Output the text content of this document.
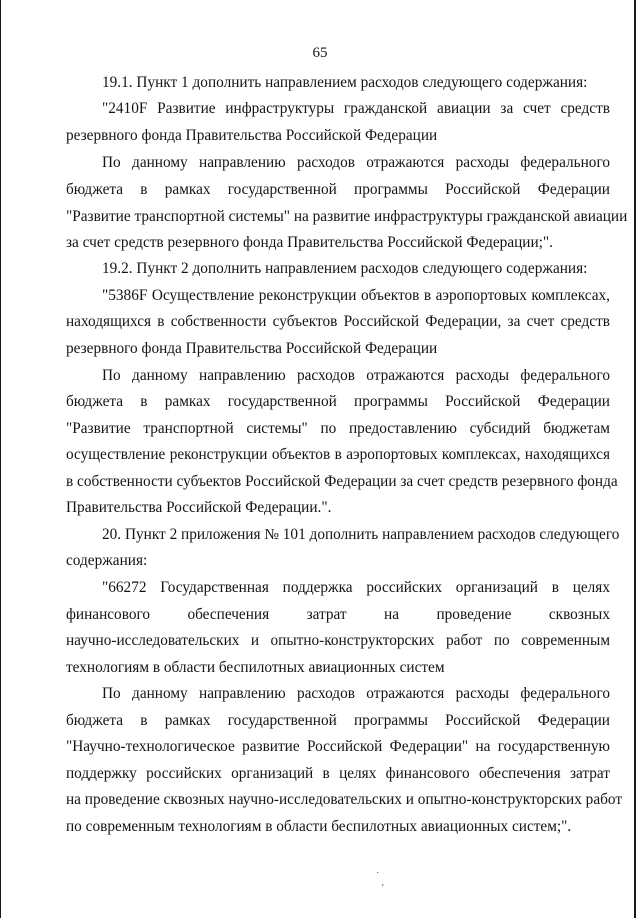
65
19.1. Пункт 1 дополнить направлением расходов следующего содержания:
"2410F Развитие инфраструктуры гражданской авиации за счет средств
резервного фонда Правительства Российской Федерации
По данному направлению расходов отражаются расходы федерального
бюджета в рамках государственной программы Российской Федерации
"Развитие транспортной системы" на развитие инфраструктуры гражданской авиации
за счет средств резервного фонда Правительства Российской Федерации;".
19.2. Пункт 2 дополнить направлением расходов следующего содержания:
"5386F Осуществление реконструкции объектов в аэропортовых комплексах,
находящихся в собственности субъектов Российской Федерации, за счет средств
резервного фонда Правительства Российской Федерации
По данному направлению расходов отражаются расходы федерального
бюджета в рамках государственной программы Российской Федерации
"Развитие транспортной системы" по предоставлению субсидий бюджетам
осуществление реконструкции объектов в аэропортовых комплексах, находящихся
в собственности субъектов Российской Федерации за счет средств резервного фонда
Правительства Российской Федерации.".
20. Пункт 2 приложения № 101 дополнить направлением расходов следующего
содержания:
"66272 Государственная поддержка российских организаций в целях
финансового обеспечения затрат на проведение сквозных
научно-исследовательских и опытно-конструкторских работ по современным
технологиям в области беспилотных авиационных систем
По данному направлению расходов отражаются расходы федерального
бюджета в рамках государственной программы Российской Федерации
"Научно-технологическое развитие Российской Федерации" на государственную
поддержку российских организаций в целях финансового обеспечения затрат
на проведение сквозных научно-исследовательских и опытно-конструкторских работ
по современным технологиям в области беспилотных авиационных систем;".
˙
ʼ
